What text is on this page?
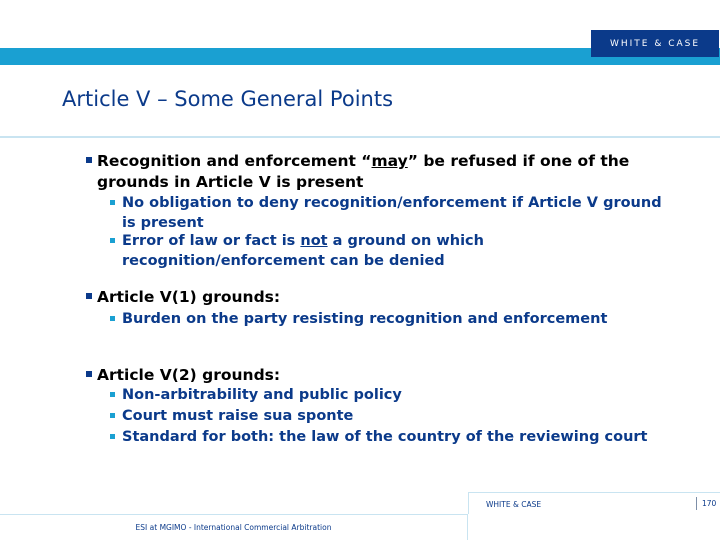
WHITE & CASE
Article V – Some General Points
Recognition and enforcement “may” be refused if one of the grounds in Article V is present
No obligation to deny recognition/enforcement if Article V ground is present
Error of law or fact is not a ground on which recognition/enforcement can be denied
Article V(1) grounds:
Burden on the party resisting recognition and enforcement
Article V(2) grounds:
Non-arbitrability and public policy
Court must raise sua sponte
Standard for both: the law of the country of the reviewing court
WHITE & CASE	170
ESI at MGIMO - International Commercial Arbitration
